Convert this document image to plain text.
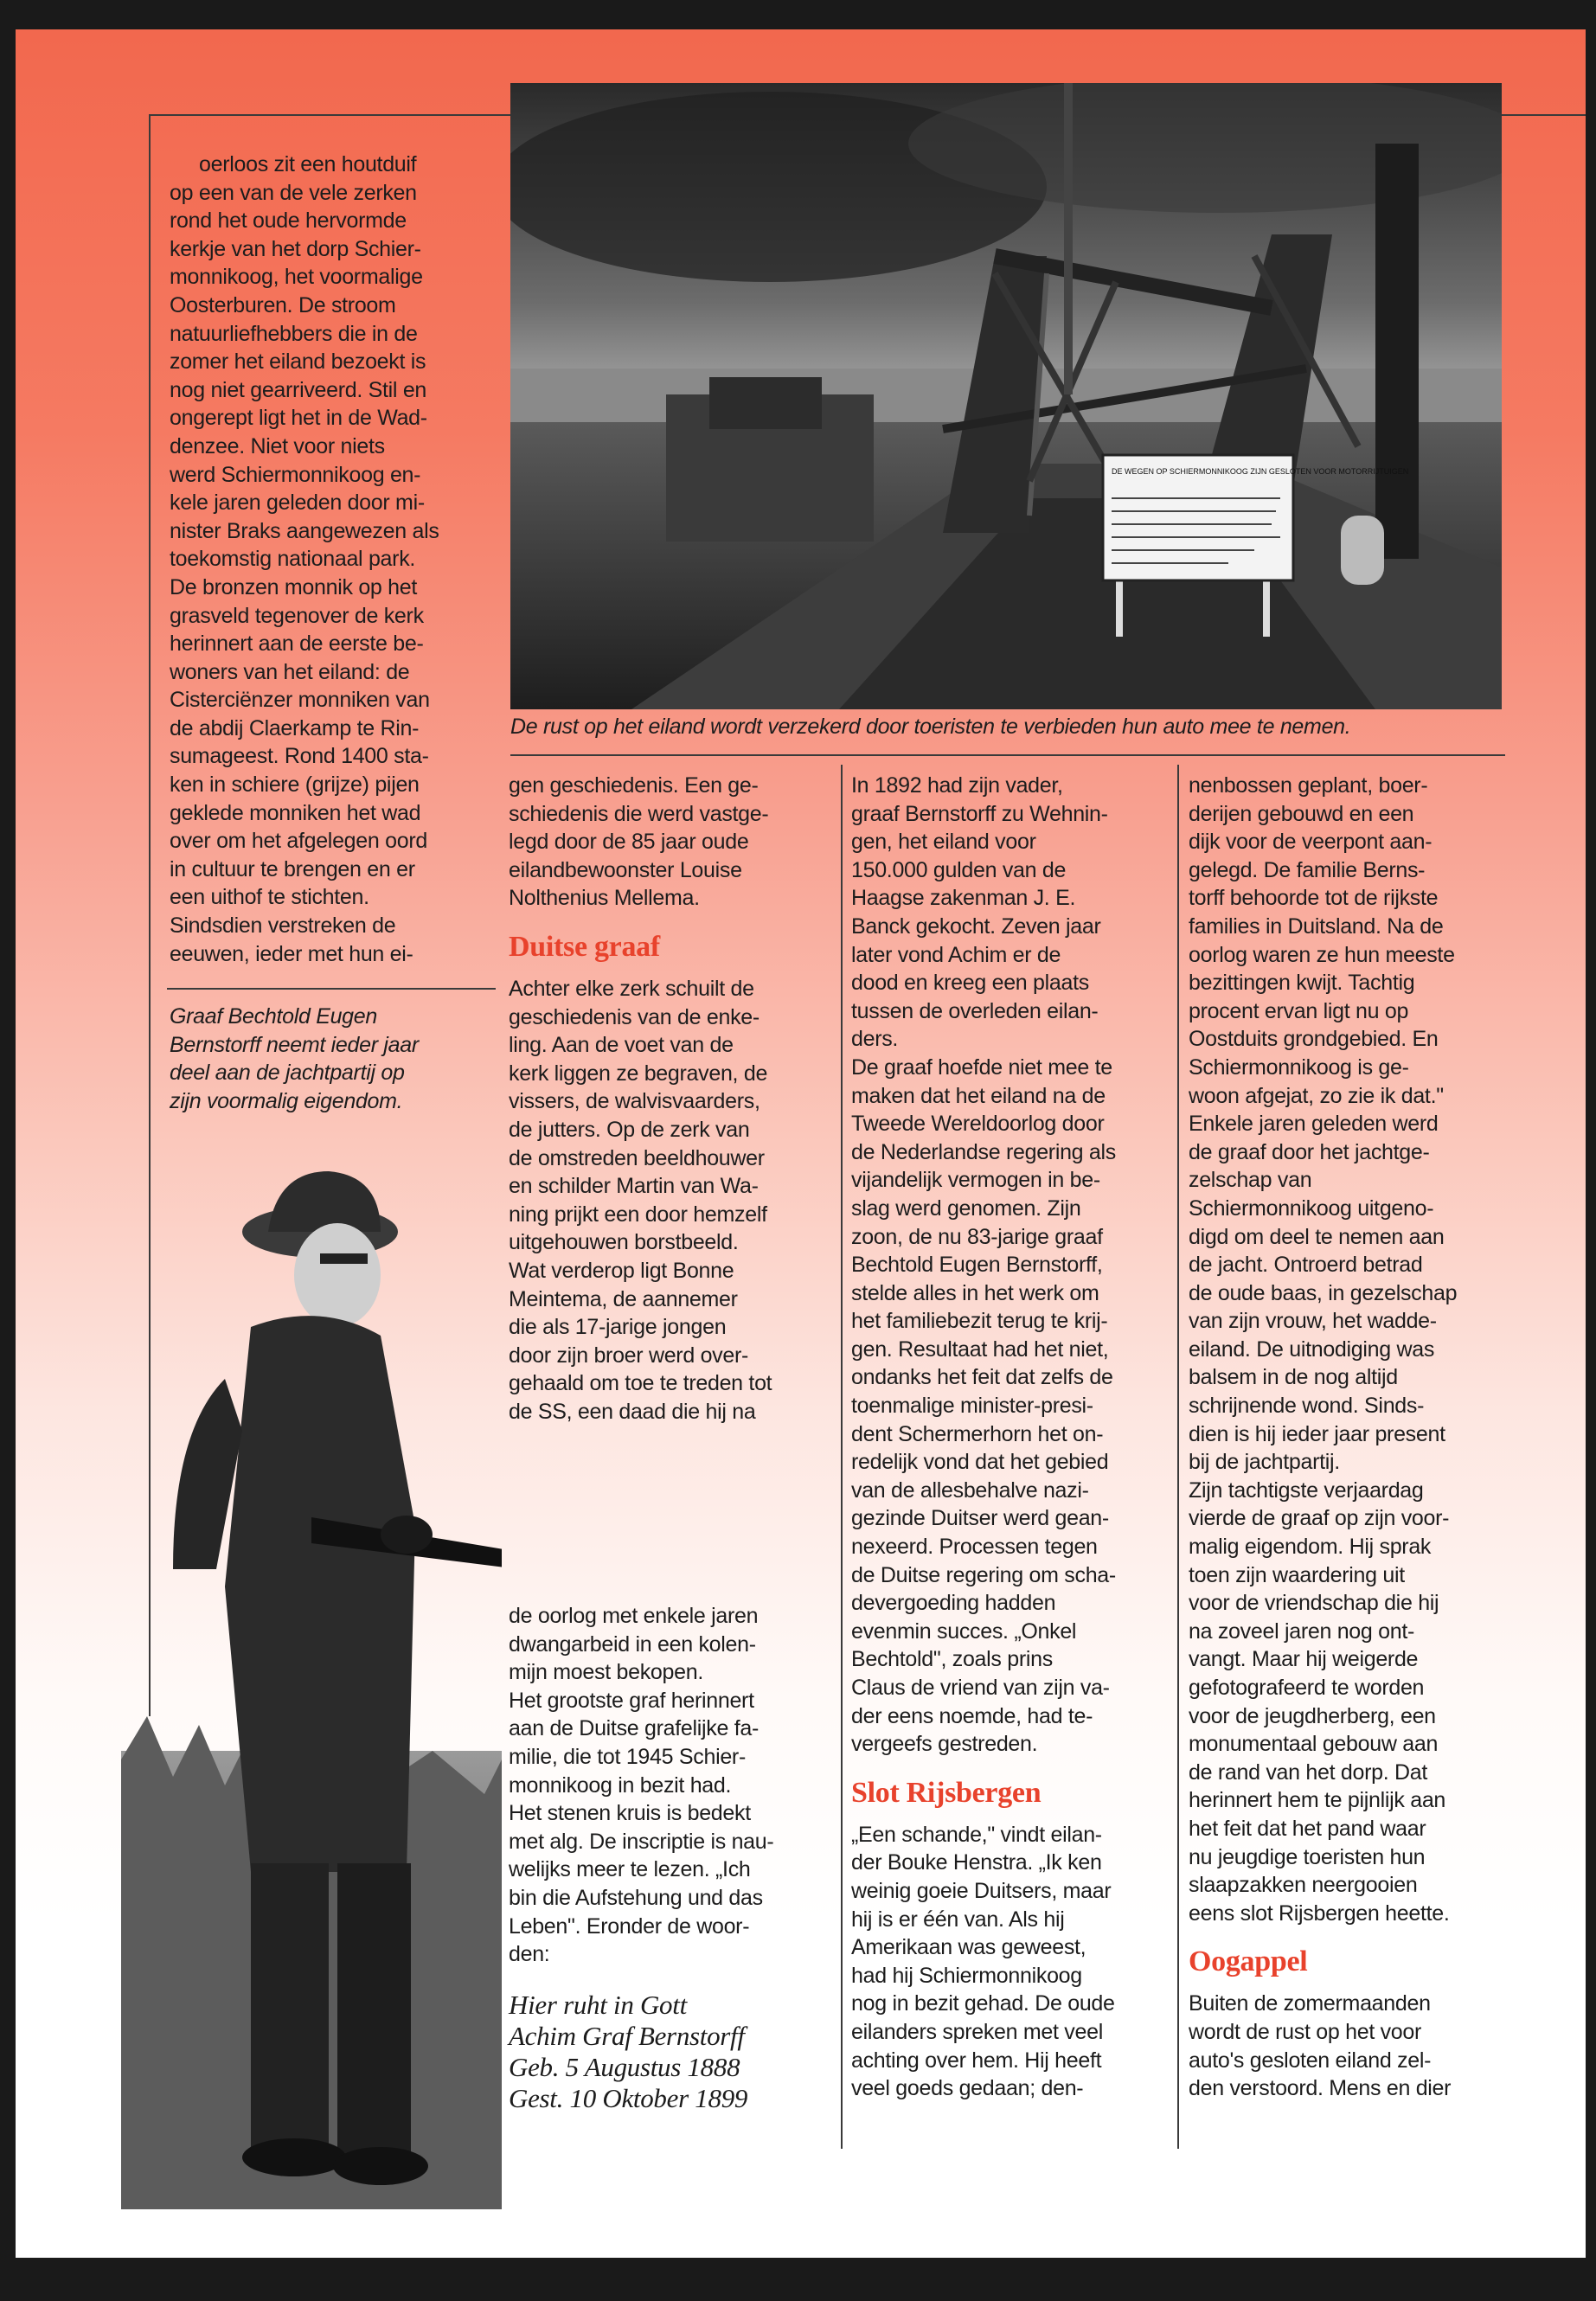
DE WEGEN OP SCHIERMONNIKOOG ZIJN GESLOTEN VOOR MOTORRIJTUIGEN
De rust op het eiland wordt verzekerd door toeristen te verbieden hun auto mee te nemen.

oerloos zit een houtduif
op een van de vele zerken
rond het oude hervormde
kerkje van het dorp Schier-
monnikoog, het voormalige
Oosterburen. De stroom
natuurliefhebbers die in de
zomer het eiland bezoekt is
nog niet gearriveerd. Stil en
ongerept ligt het in de Wad-
denzee. Niet voor niets
werd Schiermonnikoog en-
kele jaren geleden door mi-
nister Braks aangewezen als
toekomstig nationaal park.
De bronzen monnik op het
grasveld tegenover de kerk
herinnert aan de eerste be-
woners van het eiland: de
Cisterciënzer monniken van
de abdij Claerkamp te Rin-
sumageest. Rond 1400 sta-
ken in schiere (grijze) pijen
geklede monniken het wad
over om het afgelegen oord
in cultuur te brengen en er
een uithof te stichten.
Sindsdien verstreken de
eeuwen, ieder met hun ei-

Graaf Bechtold Eugen
Bernstorff neemt ieder jaar
deel aan de jachtpartij op
zijn voormalig eigendom.

gen geschiedenis. Een ge-
schiedenis die werd vastge-
legd door de 85 jaar oude
eilandbewoonster Louise
Nolthenius Mellema.

Duitse graaf

Achter elke zerk schuilt de
geschiedenis van de enke-
ling. Aan de voet van de
kerk liggen ze begraven, de
vissers, de walvisvaarders,
de jutters. Op de zerk van
de omstreden beeldhouwer
en schilder Martin van Wa-
ning prijkt een door hemzelf
uitgehouwen borstbeeld.
Wat verderop ligt Bonne
Meintema, de aannemer
die als 17-jarige jongen
door zijn broer werd over-
gehaald om toe te treden tot
de SS, een daad die hij na

de oorlog met enkele jaren
dwangarbeid in een kolen-
mijn moest bekopen.
Het grootste graf herinnert
aan de Duitse grafelijke fa-
milie, die tot 1945 Schier-
monnikoog in bezit had.
Het stenen kruis is bedekt
met alg. De inscriptie is nau-
welijks meer te lezen. „Ich
bin die Aufstehung und das
Leben". Eronder de woor-
den:

Hier ruht in Gott
Achim Graf Bernstorff
Geb. 5 Augustus 1888
Gest. 10 Oktober 1899

In 1892 had zijn vader,
graaf Bernstorff zu Wehnin-
gen, het eiland voor
150.000 gulden van de
Haagse zakenman J. E.
Banck gekocht. Zeven jaar
later vond Achim er de
dood en kreeg een plaats
tussen de overleden eilan-
ders.
De graaf hoefde niet mee te
maken dat het eiland na de
Tweede Wereldoorlog door
de Nederlandse regering als
vijandelijk vermogen in be-
slag werd genomen. Zijn
zoon, de nu 83-jarige graaf
Bechtold Eugen Bernstorff,
stelde alles in het werk om
het familiebezit terug te krij-
gen. Resultaat had het niet,
ondanks het feit dat zelfs de
toenmalige minister-presi-
dent Schermerhorn het on-
redelijk vond dat het gebied
van de allesbehalve nazi-
gezinde Duitser werd gean-
nexeerd. Processen tegen
de Duitse regering om scha-
devergoeding hadden
evenmin succes. „Onkel
Bechtold", zoals prins
Claus de vriend van zijn va-
der eens noemde, had te-
vergeefs gestreden.

Slot Rijsbergen

„Een schande," vindt eilan-
der Bouke Henstra. „Ik ken
weinig goeie Duitsers, maar
hij is er één van. Als hij
Amerikaan was geweest,
had hij Schiermonnikoog
nog in bezit gehad. De oude
eilanders spreken met veel
achting over hem. Hij heeft
veel goeds gedaan; den-

nenbossen geplant, boer-
derijen gebouwd en een
dijk voor de veerpont aan-
gelegd. De familie Berns-
torff behoorde tot de rijkste
families in Duitsland. Na de
oorlog waren ze hun meeste
bezittingen kwijt. Tachtig
procent ervan ligt nu op
Oostduits grondgebied. En
Schiermonnikoog is ge-
woon afgejat, zo zie ik dat."
Enkele jaren geleden werd
de graaf door het jachtge-
zelschap van
Schiermonnikoog uitgeno-
digd om deel te nemen aan
de jacht. Ontroerd betrad
de oude baas, in gezelschap
van zijn vrouw, het wadde-
eiland. De uitnodiging was
balsem in de nog altijd
schrijnende wond. Sinds-
dien is hij ieder jaar present
bij de jachtpartij.
Zijn tachtigste verjaardag
vierde de graaf op zijn voor-
malig eigendom. Hij sprak
toen zijn waardering uit
voor de vriendschap die hij
na zoveel jaren nog ont-
vangt. Maar hij weigerde
gefotografeerd te worden
voor de jeugdherberg, een
monumentaal gebouw aan
de rand van het dorp. Dat
herinnert hem te pijnlijk aan
het feit dat het pand waar
nu jeugdige toeristen hun
slaapzakken neergooien
eens slot Rijsbergen heette.

Oogappel

Buiten de zomermaanden
wordt de rust op het voor
auto's gesloten eiland zel-
den verstoord. Mens en dier
